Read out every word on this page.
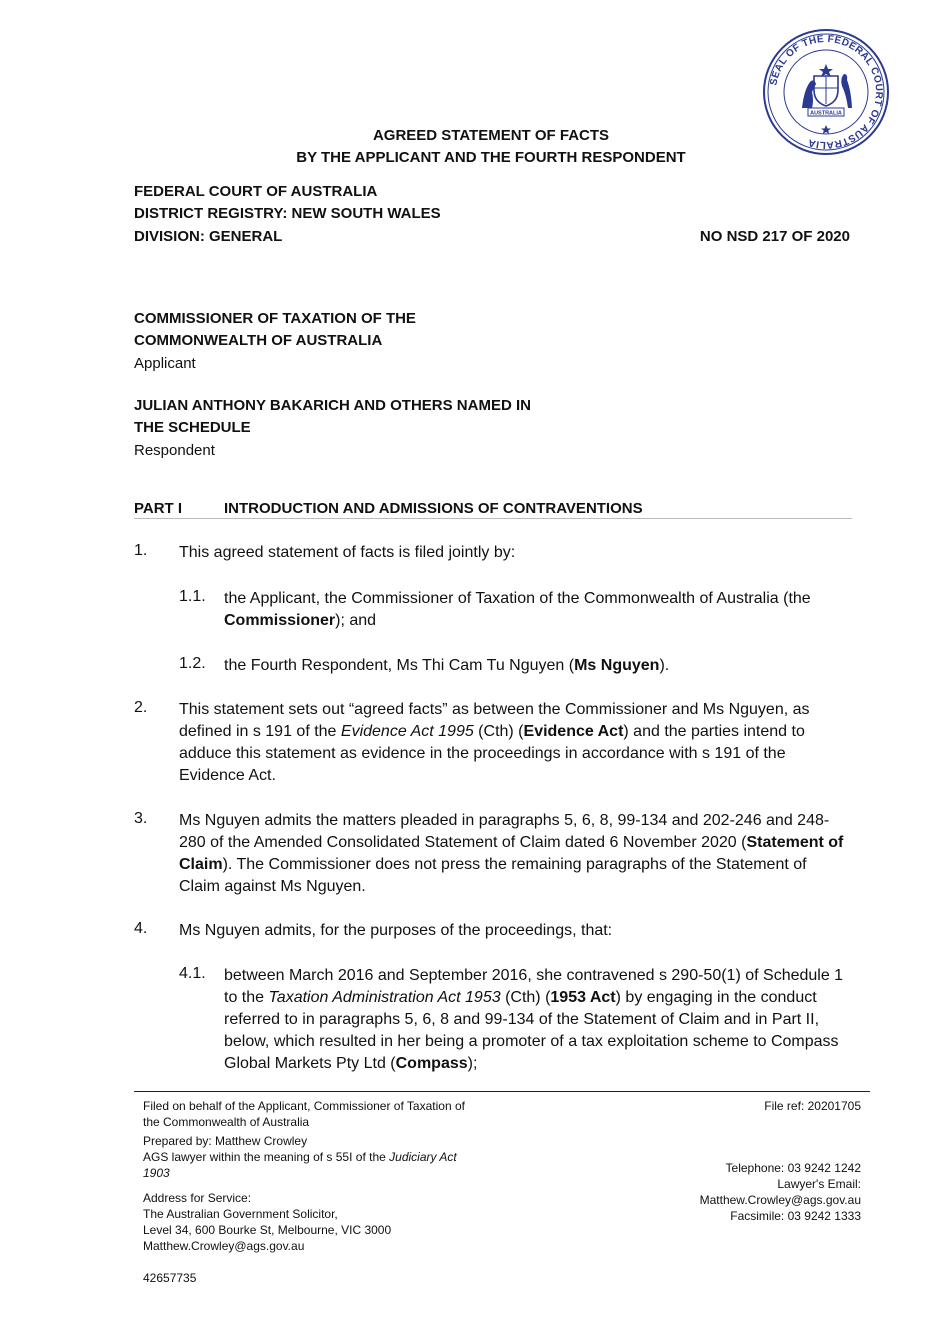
SEAL OF THE FEDERAL COURT OF AUSTRALIA
AUSTRALIA
AGREED STATEMENT OF FACTS
BY THE APPLICANT AND THE FOURTH RESPONDENT
FEDERAL COURT OF AUSTRALIA
DISTRICT REGISTRY: NEW SOUTH WALES
DIVISION: GENERAL	NO NSD 217 OF 2020
COMMISSIONER OF TAXATION OF THE
COMMONWEALTH OF AUSTRALIA
Applicant
JULIAN ANTHONY BAKARICH AND OTHERS NAMED IN
THE SCHEDULE
Respondent
PART I	INTRODUCTION AND ADMISSIONS OF CONTRAVENTIONS
1. This agreed statement of facts is filed jointly by:
1.1. the Applicant, the Commissioner of Taxation of the Commonwealth of Australia (the Commissioner); and
1.2. the Fourth Respondent, Ms Thi Cam Tu Nguyen (Ms Nguyen).
2. This statement sets out “agreed facts” as between the Commissioner and Ms Nguyen, as defined in s 191 of the Evidence Act 1995 (Cth) (Evidence Act) and the parties intend to adduce this statement as evidence in the proceedings in accordance with s 191 of the Evidence Act.
3. Ms Nguyen admits the matters pleaded in paragraphs 5, 6, 8, 99-134 and 202-246 and 248-280 of the Amended Consolidated Statement of Claim dated 6 November 2020 (Statement of Claim). The Commissioner does not press the remaining paragraphs of the Statement of Claim against Ms Nguyen.
4. Ms Nguyen admits, for the purposes of the proceedings, that:
4.1. between March 2016 and September 2016, she contravened s 290-50(1) of Schedule 1 to the Taxation Administration Act 1953 (Cth) (1953 Act) by engaging in the conduct referred to in paragraphs 5, 6, 8 and 99-134 of the Statement of Claim and in Part II, below, which resulted in her being a promoter of a tax exploitation scheme to Compass Global Markets Pty Ltd (Compass);
Filed on behalf of the Applicant, Commissioner of Taxation of
the Commonwealth of Australia
Prepared by: Matthew Crowley
AGS lawyer within the meaning of s 55I of the Judiciary Act
1903
Address for Service:
The Australian Government Solicitor,
Level 34, 600 Bourke St, Melbourne, VIC 3000
Matthew.Crowley@ags.gov.au
File ref: 20201705
Telephone: 03 9242 1242
Lawyer's Email:
Matthew.Crowley@ags.gov.au
Facsimile: 03 9242 1333
42657735
